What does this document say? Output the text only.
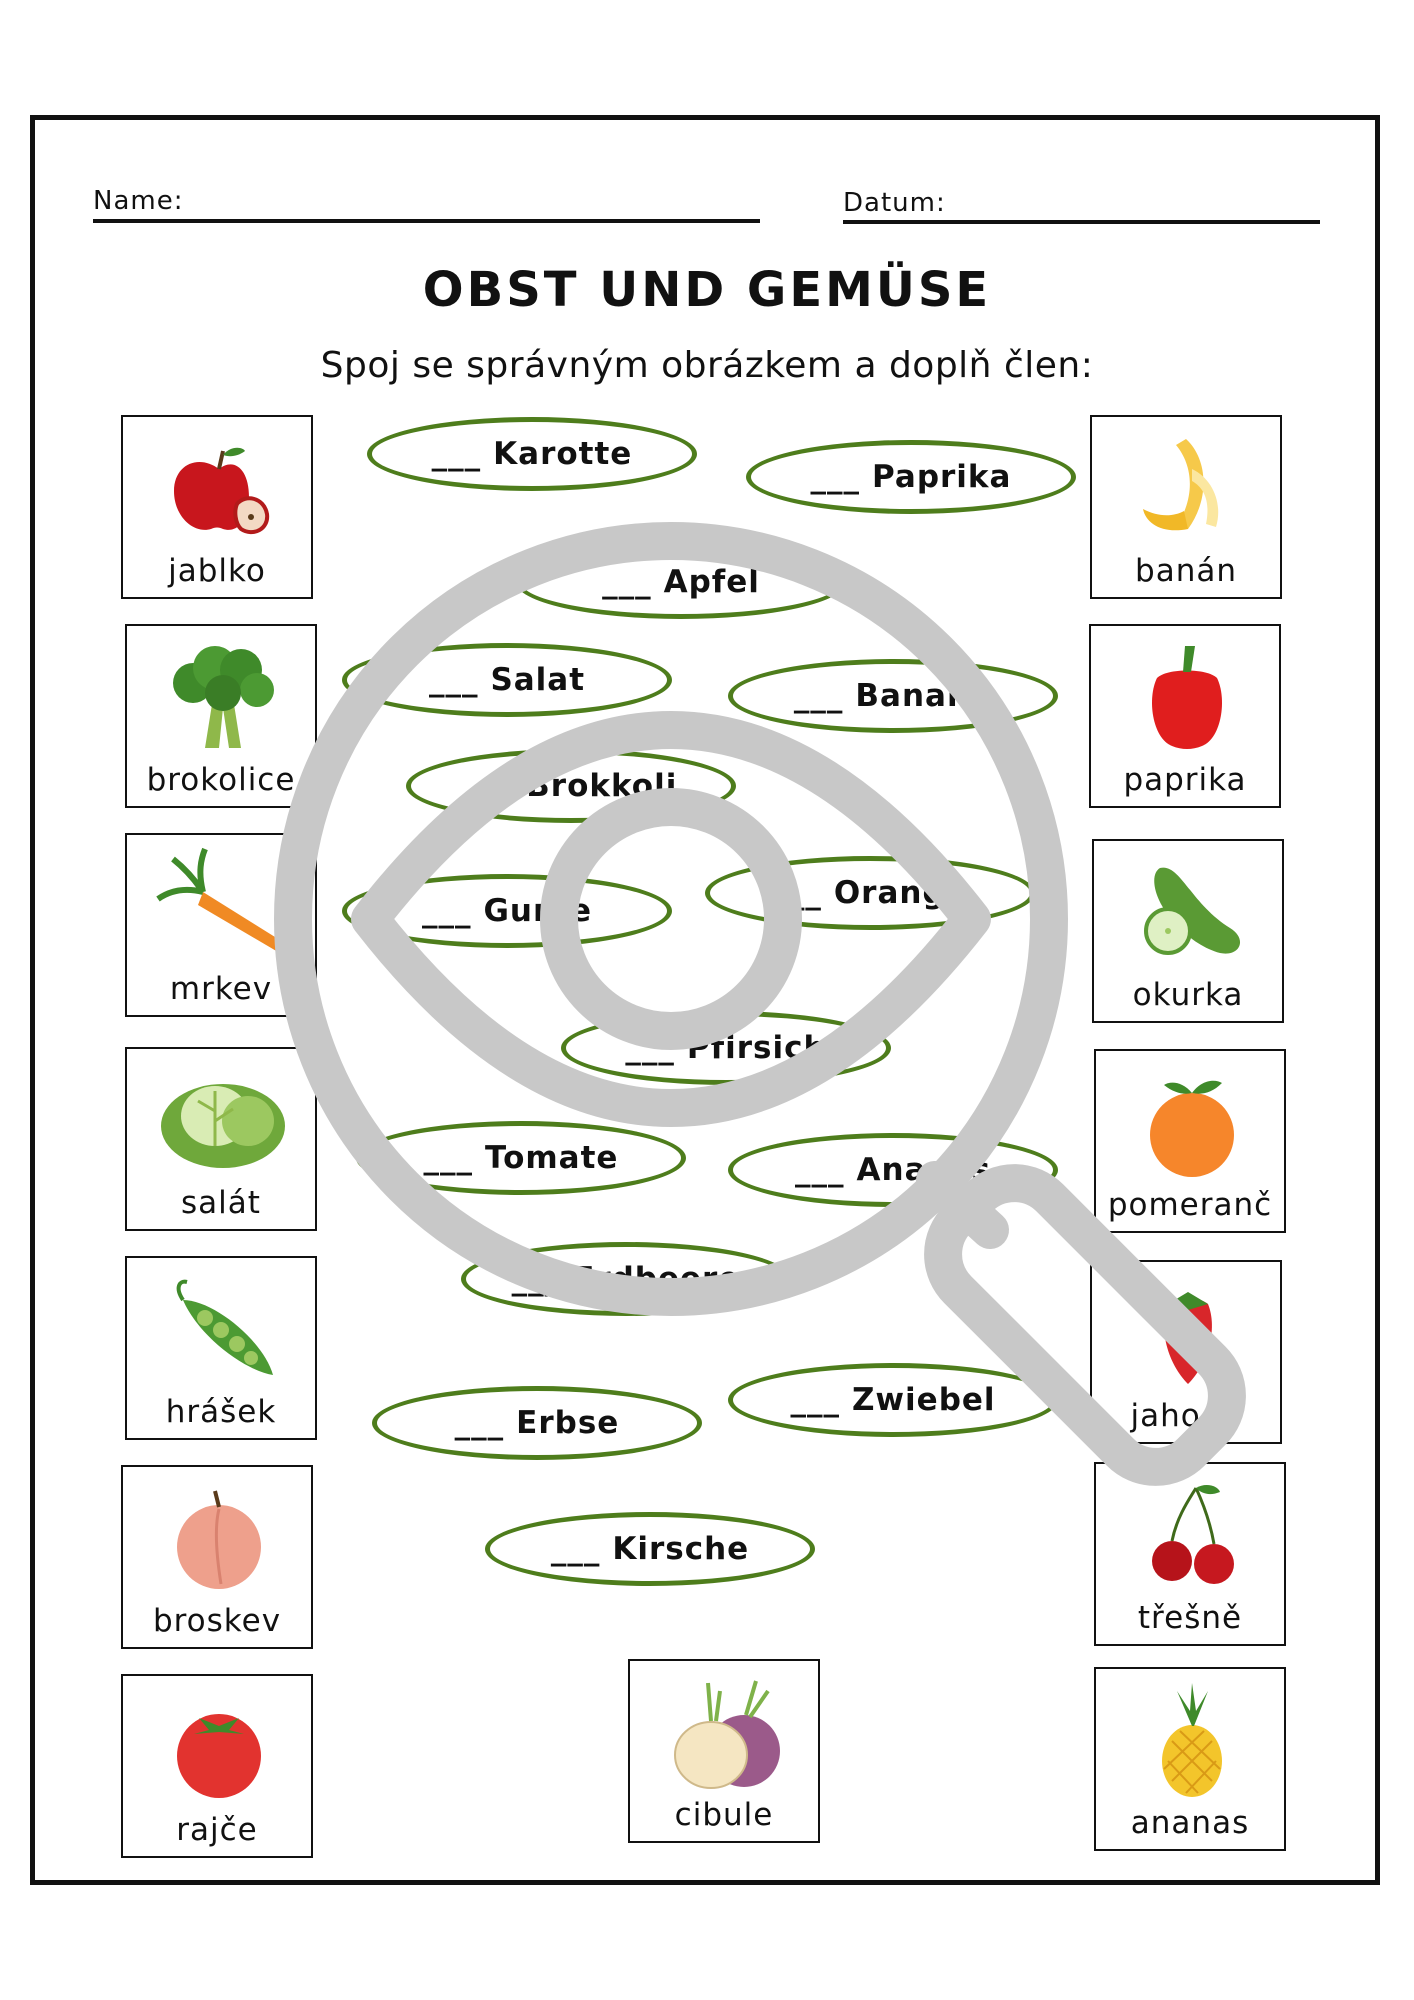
Name:	Datum:
OBST UND GEMÜSE
Spoj se správným obrázkem a doplň člen:
jablko
brokolice
mrkev
salát
hrášek
broskev
rajče	cibule
banán
paprika
okurka
pomeranč
jahoda
třešně
ananas
___ Karotte
___ Paprika
___ Apfel
___ Salat	___ Banane
___ Brokkoli
___ Gurke	___ Orange
___ Pfirsich
___ Tomate	___ Ananas
___ Erdbeere
___ Erbse
___ Zwiebel
___ Kirsche
